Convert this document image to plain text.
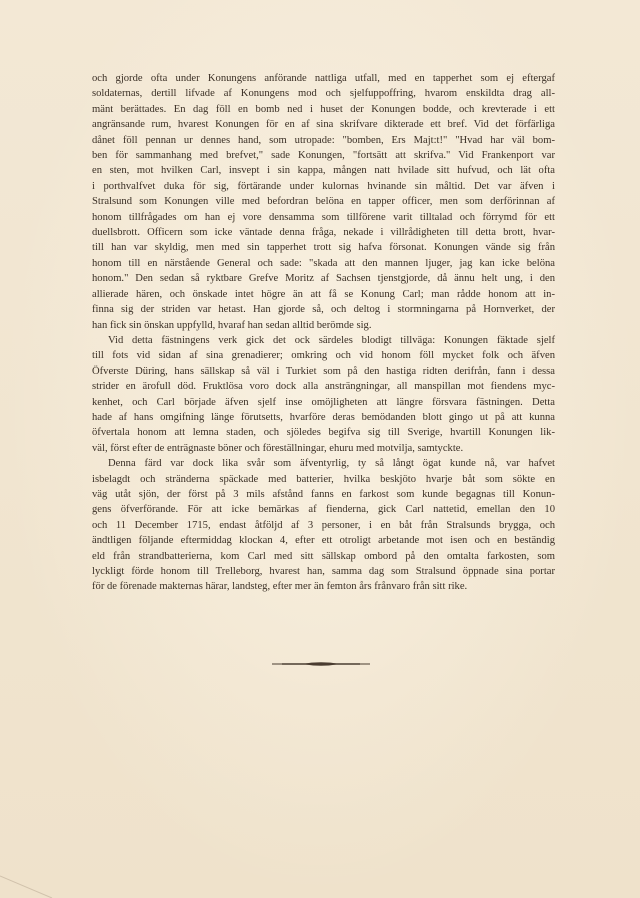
och gjorde ofta under Konungens anförande nattliga utfall, med en tapperhet som ej eftergaf
soldaternas, dertill lifvade af Konungens mod och sjelfuppoffring, hvarom enskildta drag all-
mänt berättades. En dag föll en bomb ned i huset der Konungen bodde, och krevterade i ett
angränsande rum, hvarest Konungen för en af sina skrifvare dikterade ett bref. Vid det förfärliga
dånet föll pennan ur dennes hand, som utropade: "bomben, Ers Majt:t!" "Hvad har väl bom-
ben för sammanhang med brefvet," sade Konungen, "fortsätt att skrifva." Vid Frankenport var
en sten, mot hvilken Carl, insvept i sin kappa, mången natt hvilade sitt hufvud, och lät ofta
i porthvalfvet duka för sig, förtärande under kulornas hvinande sin måltid. Det var äfven i
Stralsund som Konungen ville med befordran belöna en tapper officer, men som derförinnan af
honom tillfrågades om han ej vore densamma som tillförene varit tilltalad och förrymd för ett
duellsbrott. Officern som icke väntade denna fråga, nekade i villrådigheten till detta brott, hvar-
till han var skyldig, men med sin tapperhet trott sig hafva försonat. Konungen vände sig från
honom till en närstående General och sade: "skada att den mannen ljuger, jag kan icke belöna
honom." Den sedan så ryktbare Grefve Moritz af Sachsen tjenstgjorde, då ännu helt ung, i den
allierade hären, och önskade intet högre än att få se Konung Carl; man rådde honom att in-
finna sig der striden var hetast. Han gjorde så, och deltog i stormningarna på Hornverket, der
han fick sin önskan uppfylld, hvaraf han sedan alltid berömde sig.
Vid detta fästningens verk gick det ock särdeles blodigt tillväga: Konungen fäktade sjelf
till fots vid sidan af sina grenadierer; omkring och vid honom föll mycket folk och äfven
Öfverste Düring, hans sällskap så väl i Turkiet som på den hastiga ridten derifrån, fann i dessa
strider en ärofull död. Fruktlösa voro dock alla ansträngningar, all manspillan mot fiendens myc-
kenhet, och Carl började äfven sjelf inse omöjligheten att längre försvara fästningen. Detta
hade af hans omgifning länge förutsetts, hvarföre deras bemödanden blott gingo ut på att kunna
öfvertala honom att lemna staden, och sjöledes begifva sig till Sverige, hvartill Konungen lik-
väl, först efter de enträgnaste böner och föreställningar, ehuru med motvilja, samtyckte.
Denna färd var dock lika svår som äfventyrlig, ty så långt ögat kunde nå, var hafvet
isbelagdt och stränderna späckade med batterier, hvilka beskjöto hvarje båt som sökte en
väg utåt sjön, der först på 3 mils afstånd fanns en farkost som kunde begagnas till Konun-
gens öfverförande. För att icke bemärkas af fienderna, gick Carl nattetid, emellan den 10
och 11 December 1715, endast åtföljd af 3 personer, i en båt från Stralsunds brygga, och
ändtligen följande eftermiddag klockan 4, efter ett otroligt arbetande mot isen och en beständig
eld från strandbatterierna, kom Carl med sitt sällskap ombord på den omtalta farkosten, som
lyckligt förde honom till Trelleborg, hvarest han, samma dag som Stralsund öppnade sina portar
för de förenade makternas härar, landsteg, efter mer än femton års frånvaro från sitt rike.
